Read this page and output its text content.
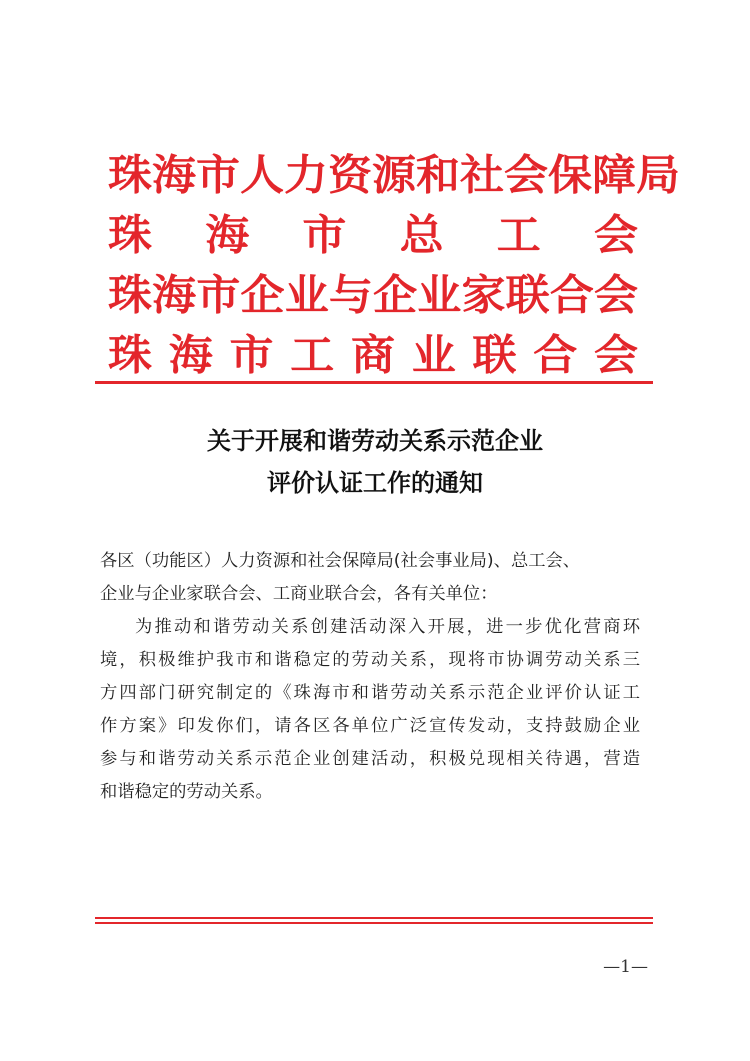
珠海市人力资源和社会保障局
珠海市总工会
珠海市企业与企业家联合会
珠海市工商业联合会
关于开展和谐劳动关系示范企业
评价认证工作的通知
各区（功能区）人力资源和社会保障局(社会事业局)、总工会、
企业与企业家联合会、工商业联合会，各有关单位：
为推动和谐劳动关系创建活动深入开展，进一步优化营商环
境，积极维护我市和谐稳定的劳动关系，现将市协调劳动关系三
方四部门研究制定的《珠海市和谐劳动关系示范企业评价认证工
作方案》印发你们，请各区各单位广泛宣传发动，支持鼓励企业
参与和谐劳动关系示范企业创建活动，积极兑现相关待遇，营造
和谐稳定的劳动关系。
—1—
